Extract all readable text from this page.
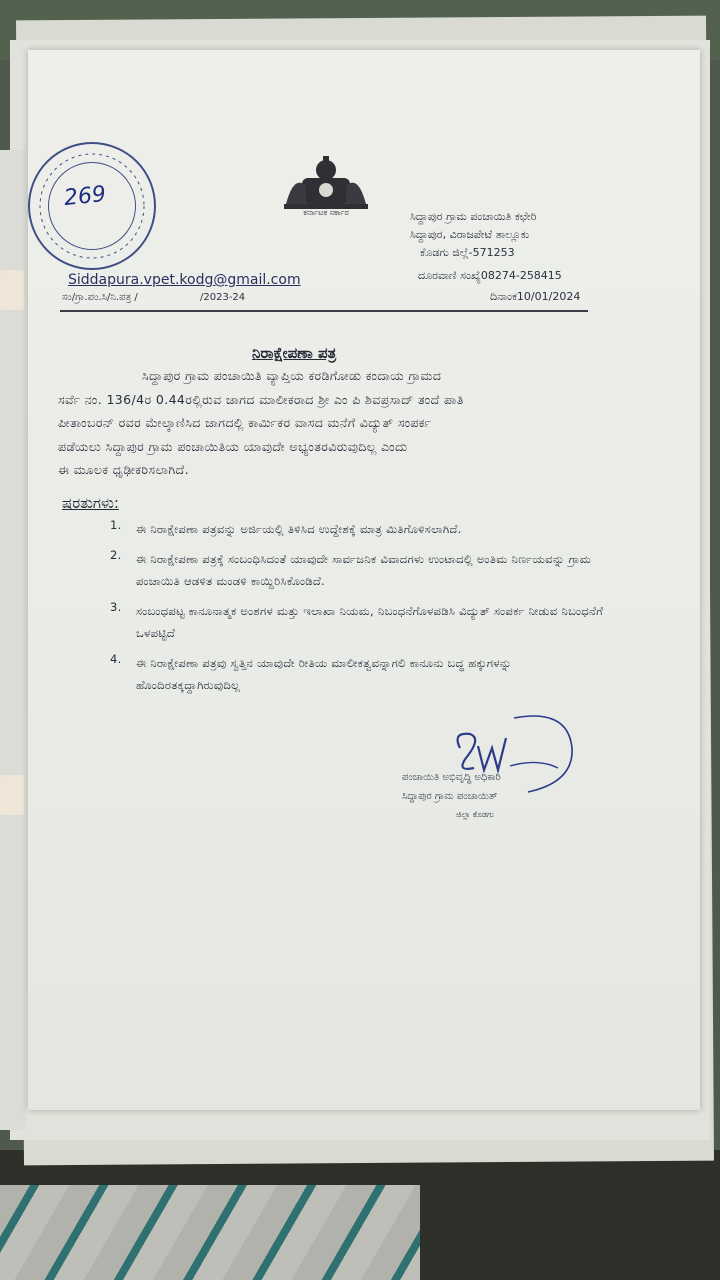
269
ಕರ್ನಾಟಕ ಸರ್ಕಾರ	ಸಿದ್ದಾಪುರ ಗ್ರಾಮ ಪಂಚಾಯಿತಿ ಕಛೇರಿ
ಸಿದ್ದಾಪುರ, ವಿರಾಜಪೇಟೆ ತಾಲ್ಲೂಕು
ಕೊಡಗು ಜಿಲ್ಲೆ-571253
Siddapura.vpet.kodg@gmail.com	ದೂರವಾಣಿ ಸಂಖ್ಯೆ08274-258415
ಸಂ/ಗ್ರಾ.ಪಂ.ಸಿ/ನಿ.ಪತ್ರ /	/2023-24	ದಿನಾಂಕ10/01/2024
ನಿರಾಕ್ಷೇಪಣಾ ಪತ್ರ

ಸಿದ್ದಾಪುರ ಗ್ರಾಮ ಪಂಚಾಯಿತಿ ವ್ಯಾಪ್ತಿಯ ಕರಡಿಗೋಡು ಕಂದಾಯ ಗ್ರಾಮದ

ಸರ್ವೆ ನಂ. 136/4ರ 0.44ರಲ್ಲಿರುವ ಜಾಗದ ಮಾಲೀಕರಾದ ಶ್ರೀ ಎಂ ಪಿ ಶಿವಪ್ರಸಾದ್ ತಂದೆ ಪಾತಿ

ಪೀತಾಂಬರನ್ ರವರ ಮೇಲ್ಕಾಣಿಸಿದ ಜಾಗದಲ್ಲಿ ಕಾರ್ಮಿಕರ ವಾಸದ ಮನೆಗೆ ವಿದ್ಯುತ್ ಸಂಪರ್ಕ

ಪಡೆಯಲು ಸಿದ್ದಾಪುರ ಗ್ರಾಮ ಪಂಚಾಯಿತಿಯ ಯಾವುದೇ ಅಭ್ಯಂತರವಿರುವುದಿಲ್ಲ ಎಂದು

ಈ ಮೂಲಕ ಧೃಢೀಕರಿಸಲಾಗಿದೆ.

ಷರತುಗಳು:
1.	ಈ ನಿರಾಕ್ಷೇಪಣಾ ಪತ್ರವನ್ನು ಅರ್ಜಿಯಲ್ಲಿ ತಿಳಿಸಿದ ಉದ್ದೇಶಕ್ಕೆ ಮಾತ್ರ ಮಿತಿಗೊಳಿಸಲಾಗಿದೆ.
2.	ಈ ನಿರಾಕ್ಷೇಪಣಾ ಪತ್ರಕ್ಕೆ ಸಂಬಂಧಿಸಿದಂತೆ ಯಾವುದೇ ಸಾರ್ವಜನಿಕ ವಿವಾದಗಳು ಉಂಟಾದಲ್ಲಿ ಅಂತಿಮ ನಿರ್ಣಯವನ್ನು ಗ್ರಾಮ ಪಂಚಾಯಿತಿ ಆಡಳಿತ ಮಂಡಳಿ ಕಾಯ್ದಿರಿಸಿಕೊಂಡಿದೆ.
3.	ಸಂಬಂಧಪಟ್ಟ ಕಾನೂನಾತ್ಮಕ ಅಂಶಗಳ ಮತ್ತು ಇಲಾಖಾ ನಿಯಮ, ನಿಬಂಧನೆಗೊಳಪಡಿಸಿ ವಿದ್ಯುತ್ ಸಂಪರ್ಕ ನೀಡುವ ನಿಬಂಧನೆಗೆ ಒಳಪಟ್ಟಿದೆ
4.	ಈ ನಿರಾಕ್ಷೇಪಣಾ ಪತ್ರವು ಸ್ವತ್ತಿನ ಯಾವುದೇ ರೀತಿಯ ಮಾಲೀಕತ್ವವನ್ನಾಗಲಿ ಕಾನೂನು ಬದ್ಧ ಹಕ್ಕುಗಳನ್ನು ಹೊಂದಿರತಕ್ಕದ್ದಾಗಿರುವುದಿಲ್ಲ
ಪಂಚಾಯಿತಿ ಅಭಿವೃದ್ಧಿ ಅಧಿಕಾರಿ
ಸಿದ್ದಾಪುರ ಗ್ರಾಮ ಪಂಚಾಯಿತ್
ಜಿಲ್ಲಾ ಕೊಡಗು
